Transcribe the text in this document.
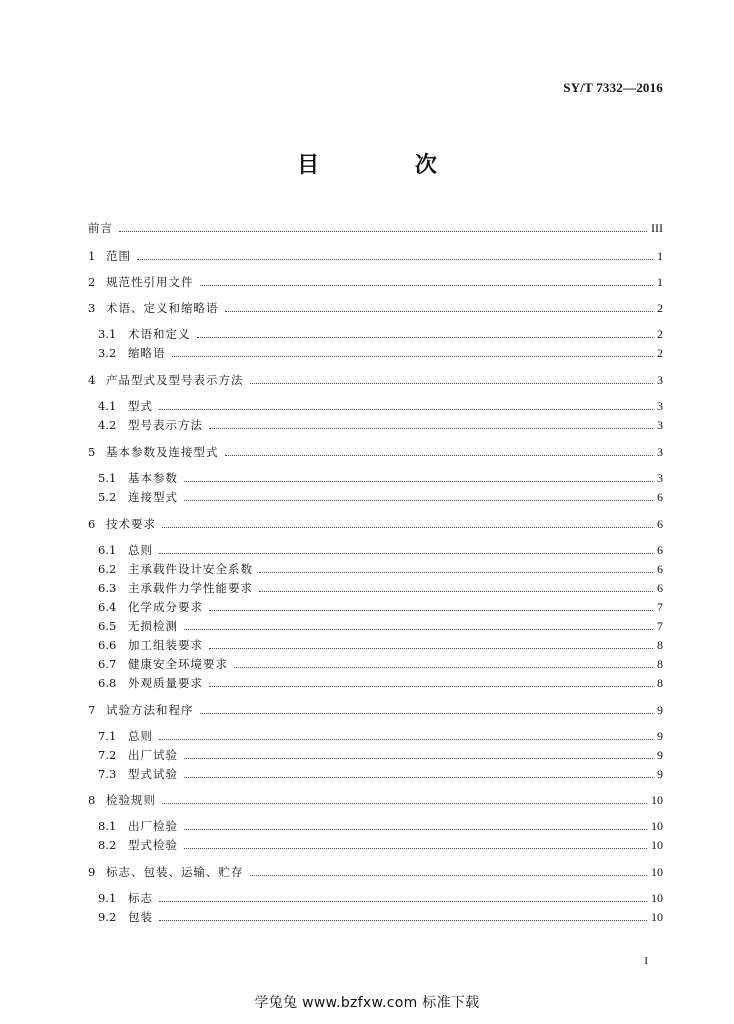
SY/T 7332—2016
目 次
前言	III
1 范围	1
2 规范性引用文件	1
3 术语、定义和缩略语	2
3.1	术语和定义	2
3.2	缩略语	2
4 产品型式及型号表示方法	3
4.1	型式	3
4.2	型号表示方法	3
5 基本参数及连接型式	3
5.1	基本参数	3
5.2	连接型式	6
6 技术要求	6
6.1	总则	6
6.2	主承载件设计安全系数	6
6.3	主承载件力学性能要求	6
6.4	化学成分要求	7
6.5	无损检测	7
6.6	加工组装要求	8
6.7	健康安全环境要求	8
6.8	外观质量要求	8
7 试验方法和程序	9
7.1	总则	9
7.2	出厂试验	9
7.3	型式试验	9
8 检验规则	10
8.1	出厂检验	10
8.2	型式检验	10
9 标志、包装、运输、贮存	10
9.1	标志	10
9.2	包装	10
I
学兔兔 www.bzfxw.com 标准下载
